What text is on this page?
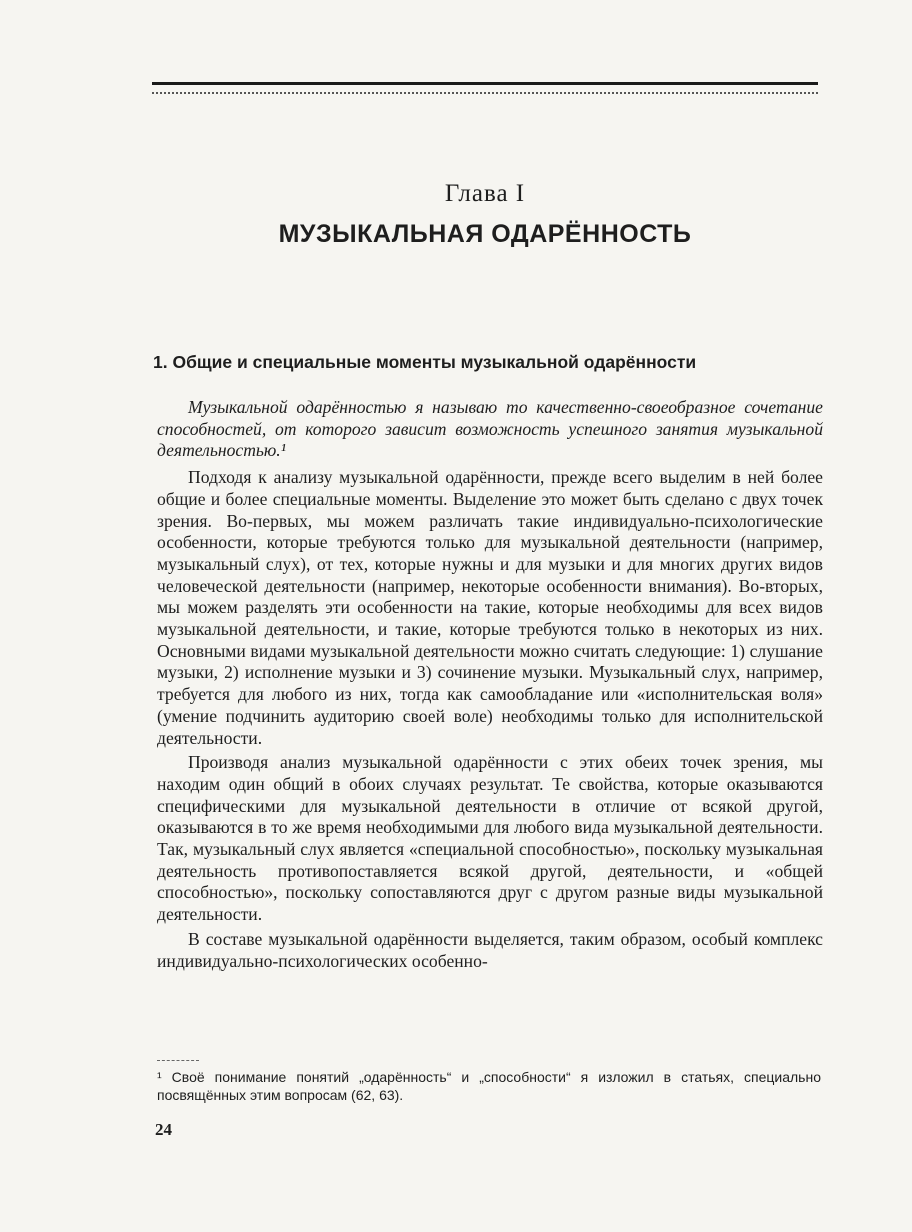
Глава I
МУЗЫКАЛЬНАЯ ОДАРЁННОСТЬ
1. Общие и специальные моменты музыкальной одарённости

Музыкальной одарённостью я называю то качественно-своеобразное сочетание способностей, от которого зависит возможность успешного занятия музыкальной деятельностью.¹

Подходя к анализу музыкальной одарённости, прежде всего выделим в ней более общие и более специальные моменты. Выделение это может быть сделано с двух точек зрения. Во-первых, мы можем различать такие индивидуально-психологические особенности, которые требуются только для музыкальной деятельности (например, музыкальный слух), от тех, которые нужны и для музыки и для многих других видов человеческой деятельности (например, некоторые особенности внимания). Во-вторых, мы можем разделять эти особенности на такие, которые необходимы для всех видов музыкальной деятельности, и такие, которые требуются только в некоторых из них. Основными видами музыкальной деятельности можно считать следующие: 1) слушание музыки, 2) исполнение музыки и 3) сочинение музыки. Музыкальный слух, например, требуется для любого из них, тогда как самообладание или «исполнительская воля» (умение подчинить аудиторию своей воле) необходимы только для исполнительской деятельности.

Производя анализ музыкальной одарённости с этих обеих точек зрения, мы находим один общий в обоих случаях результат. Те свойства, которые оказываются специфическими для музыкальной деятельности в отличие от всякой другой, оказываются в то же время необходимыми для любого вида музыкальной деятельности. Так, музыкальный слух является «специальной способностью», поскольку музыкальная деятельность противопоставляется всякой другой, деятельности, и «общей способностью», поскольку сопоставляются друг с другом разные виды музыкальной деятельности.

В составе музыкальной одарённости выделяется, таким образом, особый комплекс индивидуально-психологических особенно-

¹ Своё понимание понятий „одарённость“ и „способности“ я изложил в статьях, специально посвящённых этим вопросам (62, 63).
24
